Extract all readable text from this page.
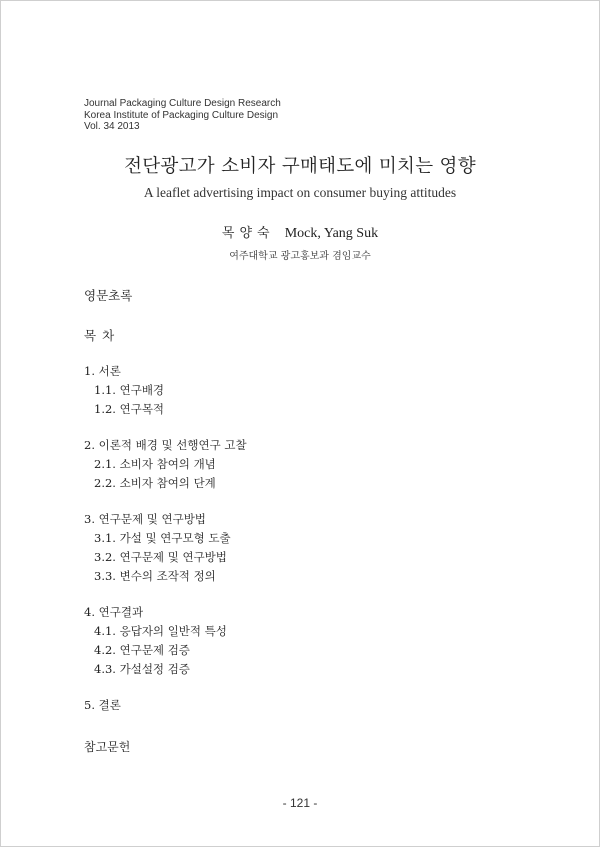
Journal Packaging Culture Design Research
Korea Institute of Packaging Culture Design
Vol. 34 2013
전단광고가 소비자 구매태도에 미치는 영향
A leaflet advertising impact on consumer buying attitudes
목양숙 Mock, Yang Suk
여주대학교 광고홍보과 겸임교수
영문초록
목차
1. 서론
1.1. 연구배경
1.2. 연구목적
2. 이론적 배경 및 선행연구 고찰
2.1. 소비자 참여의 개념
2.2. 소비자 참여의 단계
3. 연구문제 및 연구방법
3.1. 가설 및 연구모형 도출
3.2. 연구문제 및 연구방법
3.3. 변수의 조작적 정의
4. 연구결과
4.1. 응답자의 일반적 특성
4.2. 연구문제 검증
4.3. 가설설정 검증
5. 결론
참고문헌
- 121 -
